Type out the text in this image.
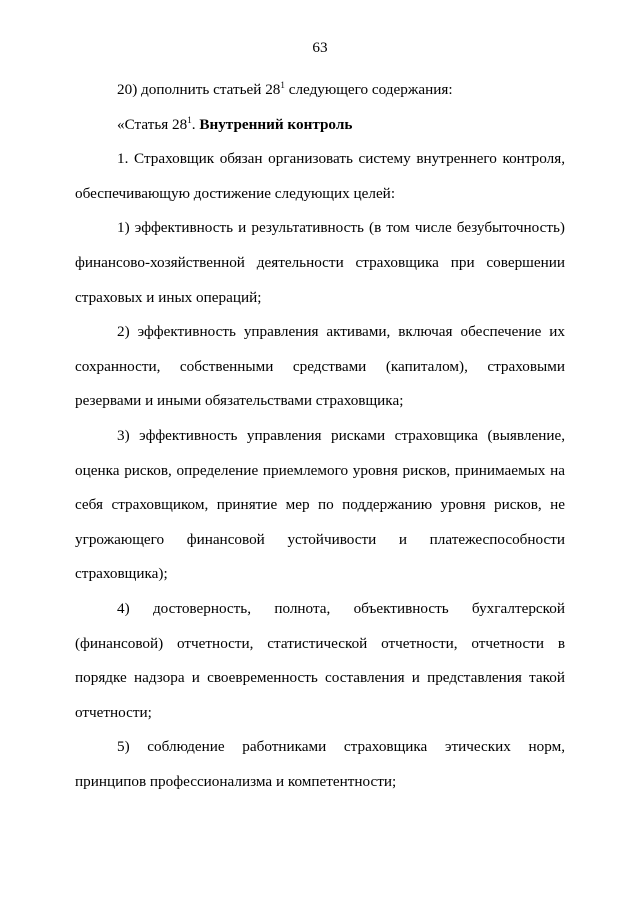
63

20) дополнить статьей $28^1$ следующего содержания:

«Статья $28^1$. Внутренний контроль

1. Страховщик обязан организовать систему внутреннего контроля, обеспечивающую достижение следующих целей:

1) эффективность и результативность (в том числе безубыточность) финансово-хозяйственной деятельности страховщика при совершении страховых и иных операций;

2) эффективность управления активами, включая обеспечение их сохранности, собственными средствами (капиталом), страховыми резервами и иными обязательствами страховщика;

3) эффективность управления рисками страховщика (выявление, оценка рисков, определение приемлемого уровня рисков, принимаемых на себя страховщиком, принятие мер по поддержанию уровня рисков, не угрожающего финансовой устойчивости и платежеспособности страховщика);

4) достоверность, полнота, объективность бухгалтерской (финансовой) отчетности, статистической отчетности, отчетности в порядке надзора и своевременность составления и представления такой отчетности;

5) соблюдение работниками страховщика этических норм, принципов профессионализма и компетентности;
